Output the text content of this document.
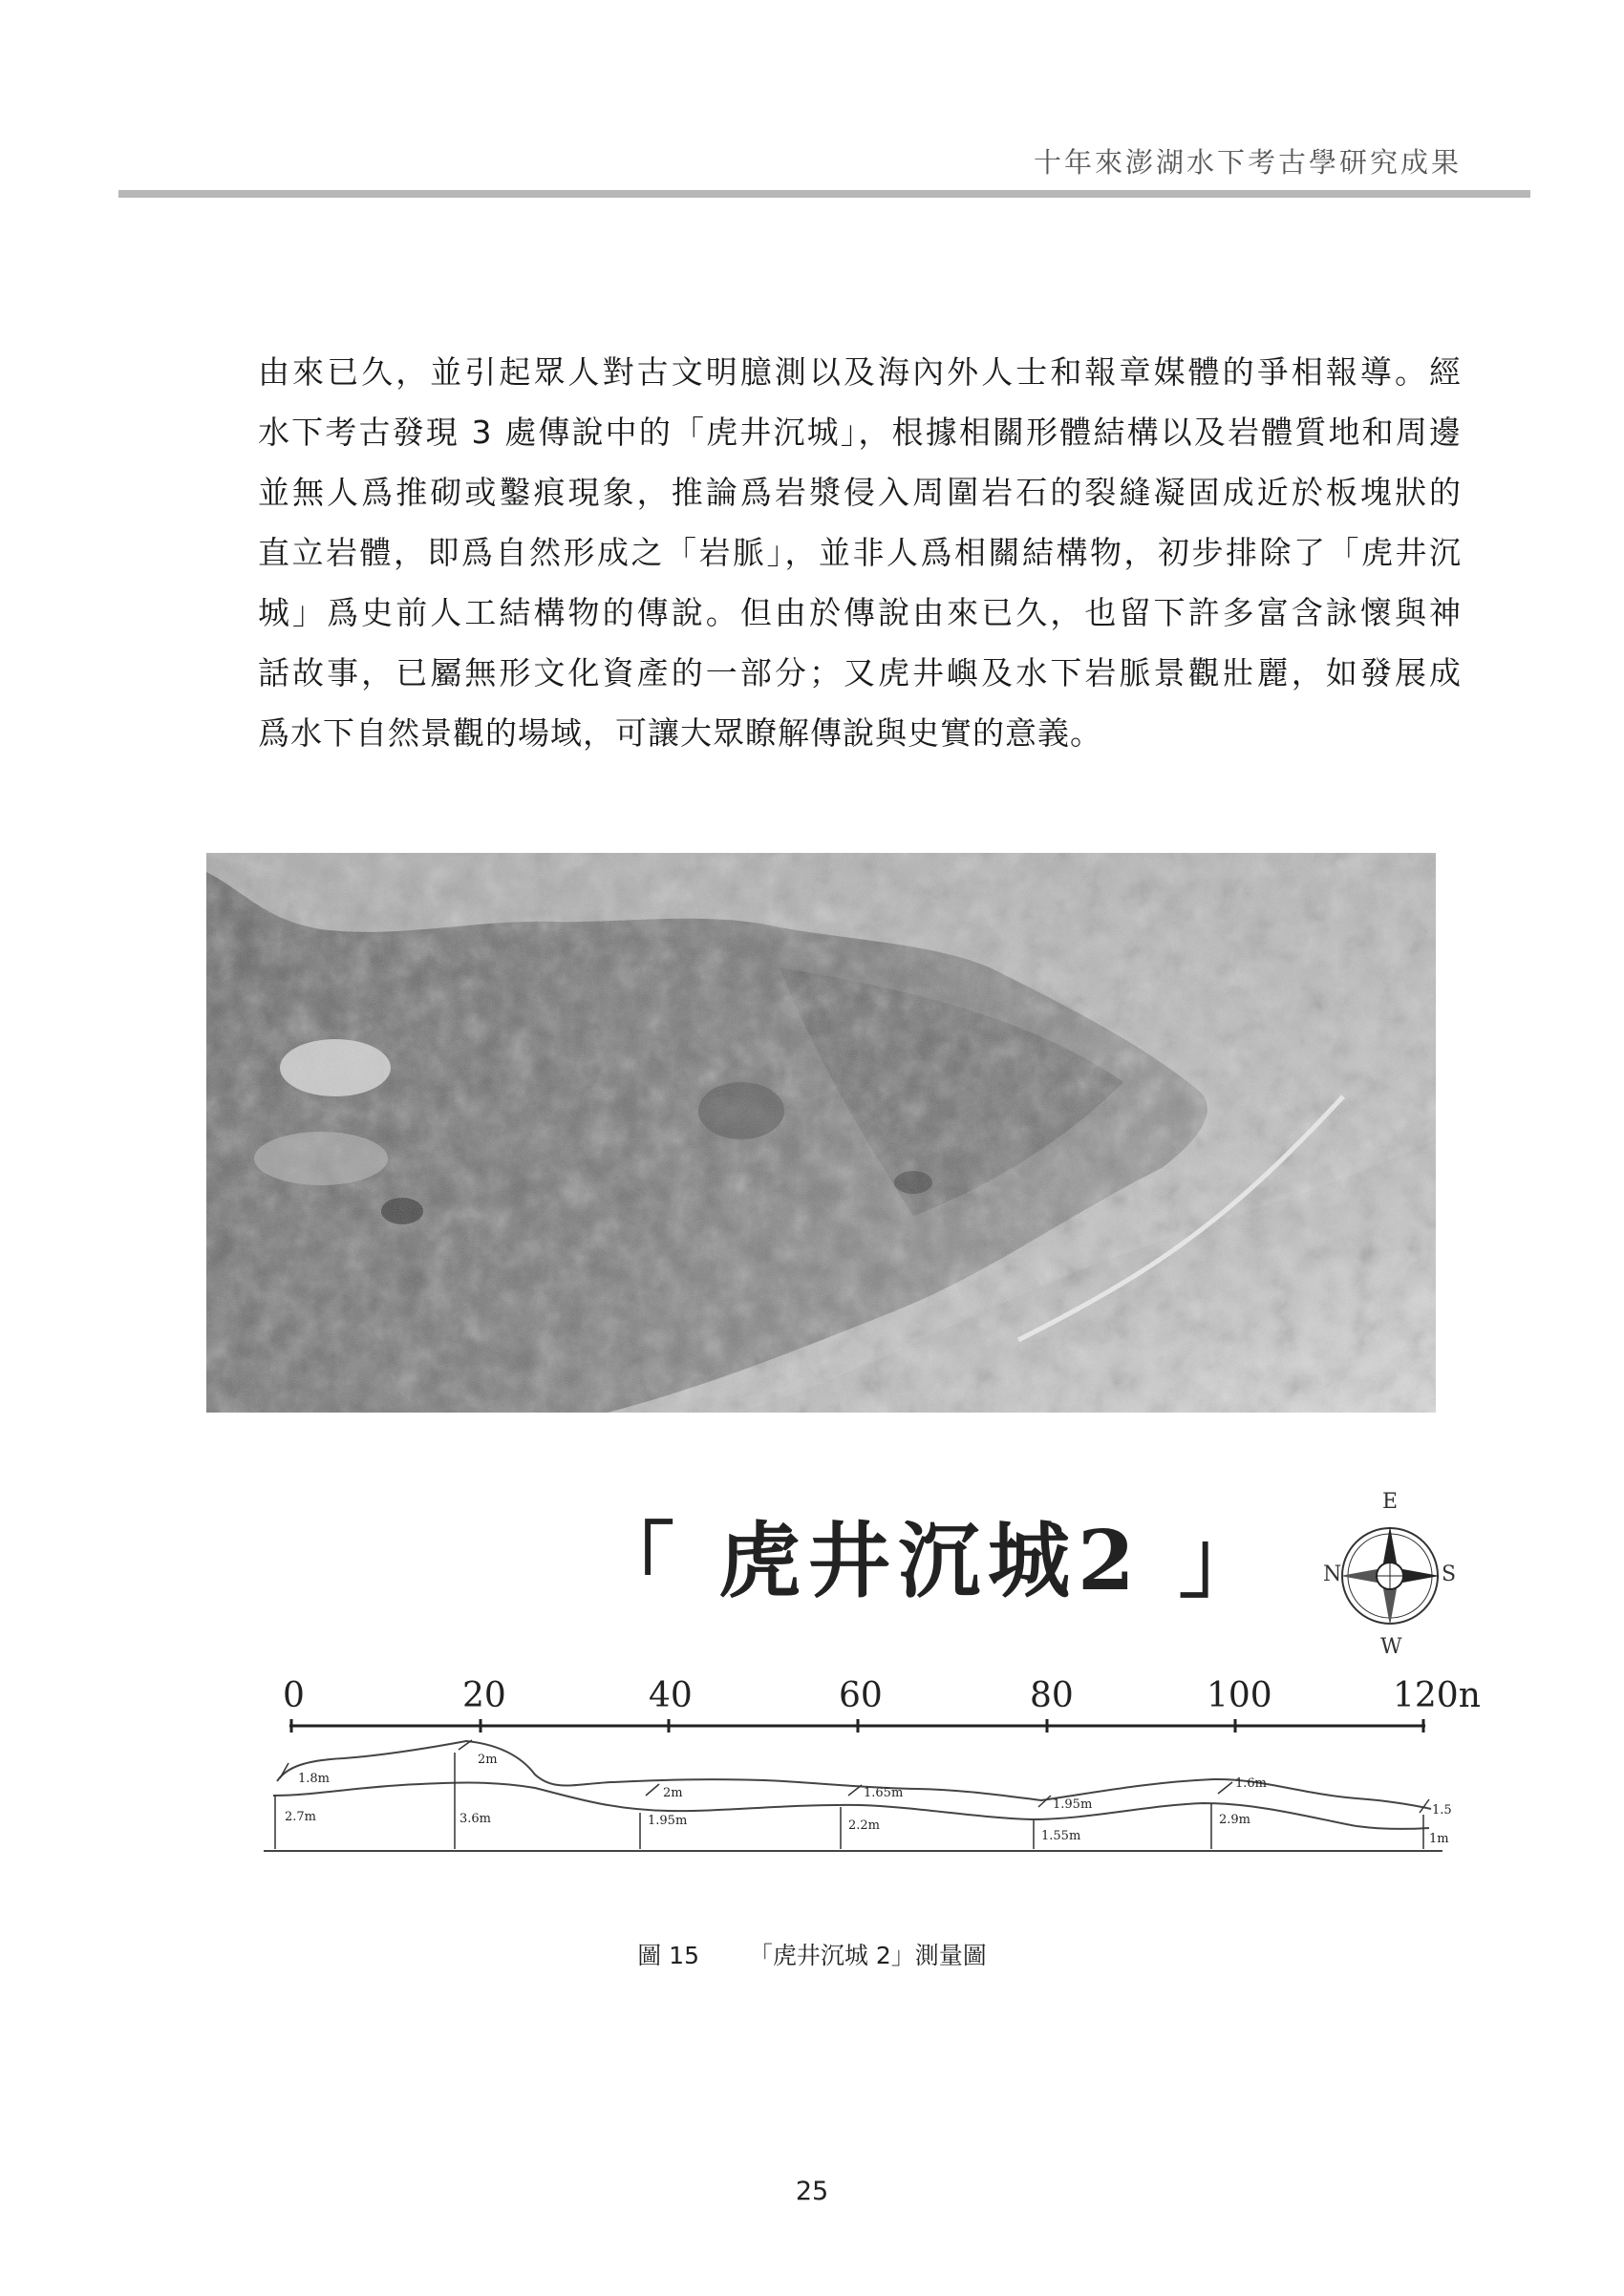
十年來澎湖水下考古學研究成果
由來已久，並引起眾人對古文明臆測以及海內外人士和報章媒體的爭相報導。經
水下考古發現 3 處傳說中的「虎井沉城」，根據相關形體結構以及岩體質地和周邊
並無人爲推砌或鑿痕現象，推論爲岩漿侵入周圍岩石的裂縫凝固成近於板塊狀的
直立岩體，即爲自然形成之「岩脈」，並非人爲相關結構物，初步排除了「虎井沉
城」爲史前人工結構物的傳說。但由於傳說由來已久，也留下許多富含詠懷與神
話故事，已屬無形文化資產的一部分；又虎井嶼及水下岩脈景觀壯麗，如發展成
爲水下自然景觀的場域，可讓大眾瞭解傳說與史實的意義。
「 虎井沉城2 」
E
N	S
W
0	20	40	60	80	100	120n
1.8m
2.7m
2m
3.6m
2m
1.95m
1.65m
2.2m
1.95m
1.55m
1.6m
2.9m
1.5
1m
圖 15 「虎井沉城 2」測量圖
25
